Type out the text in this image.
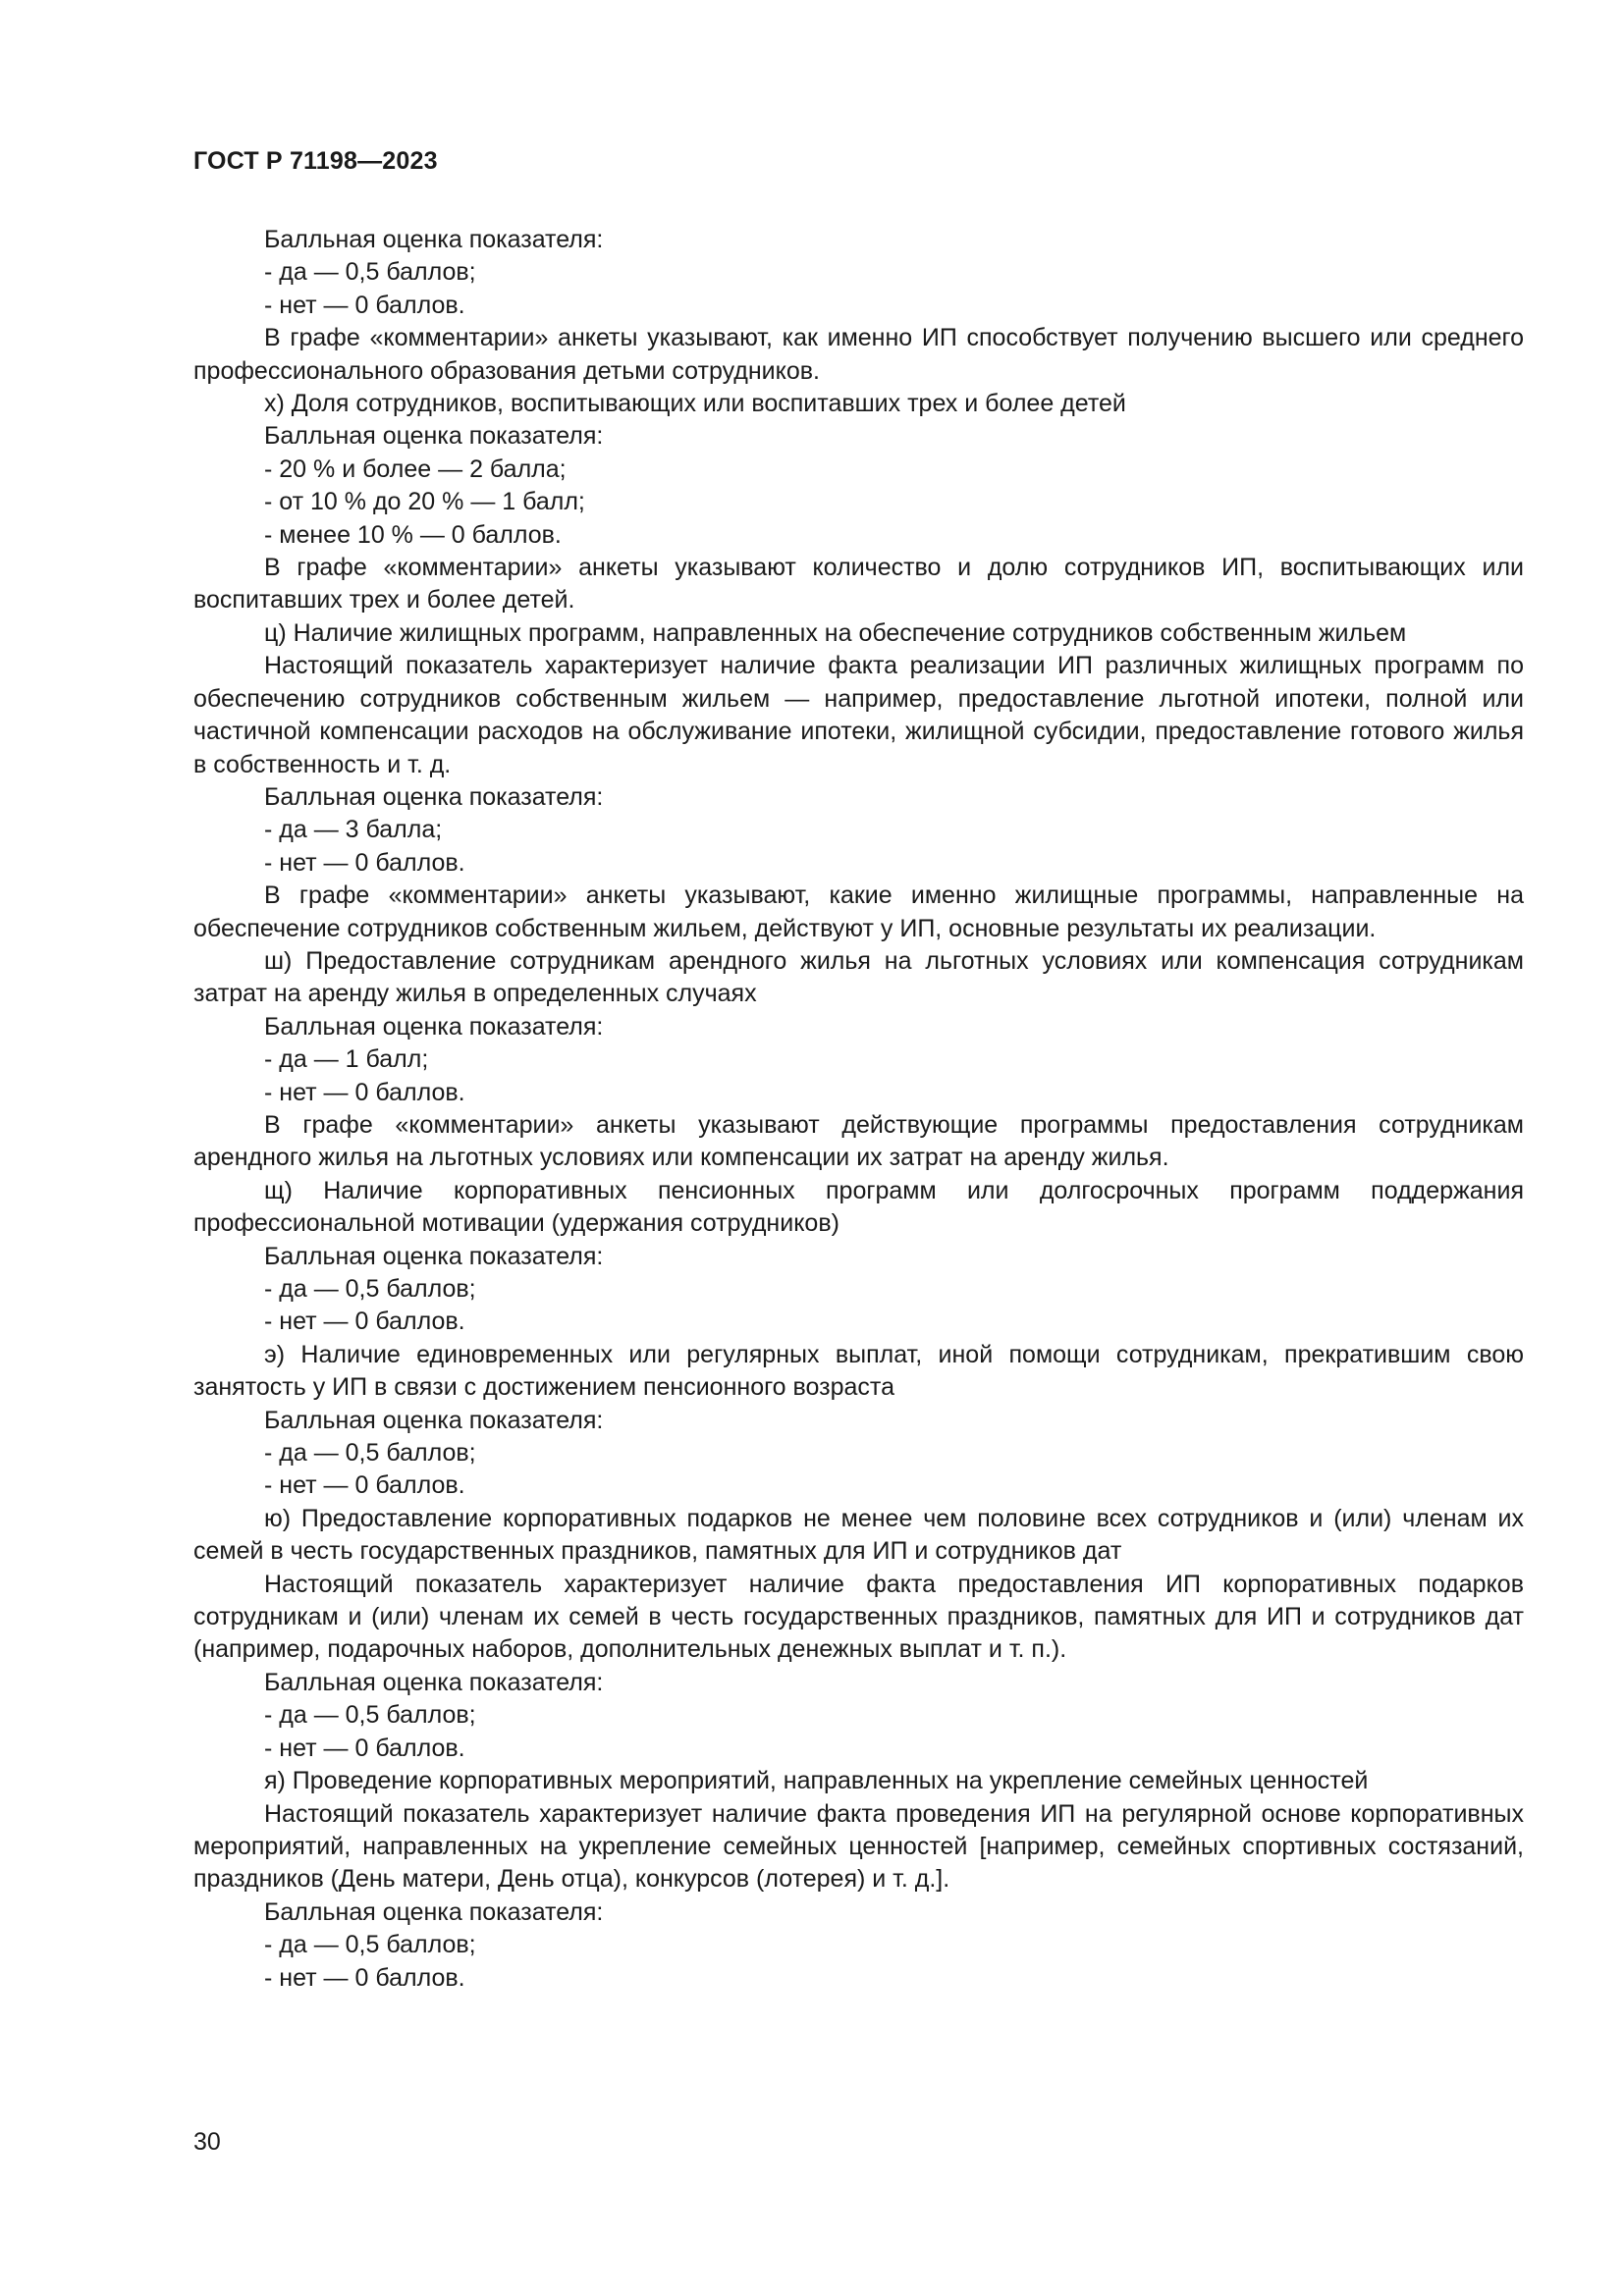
ГОСТ Р 71198—2023

Балльная оценка показателя:

- да — 0,5 баллов;

- нет — 0 баллов.

В графе «комментарии» анкеты указывают, как именно ИП способствует получению высшего или среднего профессионального образования детьми сотрудников.

х) Доля сотрудников, воспитывающих или воспитавших трех и более детей

Балльная оценка показателя:

- 20 % и более — 2 балла;

- от 10 % до 20 % — 1 балл;

- менее 10 % — 0 баллов.

В графе «комментарии» анкеты указывают количество и долю сотрудников ИП, воспитывающих или воспитавших трех и более детей.

ц) Наличие жилищных программ, направленных на обеспечение сотрудников собственным жильем

Настоящий показатель характеризует наличие факта реализации ИП различных жилищных программ по обеспечению сотрудников собственным жильем — например, предоставление льготной ипотеки, полной или частичной компенсации расходов на обслуживание ипотеки, жилищной субсидии, предоставление готового жилья в собственность и т. д.

Балльная оценка показателя:

- да — 3 балла;

- нет — 0 баллов.

В графе «комментарии» анкеты указывают, какие именно жилищные программы, направленные на обеспечение сотрудников собственным жильем, действуют у ИП, основные результаты их реализации.

ш) Предоставление сотрудникам арендного жилья на льготных условиях или компенсация сотрудникам затрат на аренду жилья в определенных случаях

Балльная оценка показателя:

- да — 1 балл;

- нет — 0 баллов.

В графе «комментарии» анкеты указывают действующие программы предоставления сотрудникам арендного жилья на льготных условиях или компенсации их затрат на аренду жилья.

щ) Наличие корпоративных пенсионных программ или долгосрочных программ поддержания профессиональной мотивации (удержания сотрудников)

Балльная оценка показателя:

- да — 0,5 баллов;

- нет — 0 баллов.

э) Наличие единовременных или регулярных выплат, иной помощи сотрудникам, прекратившим свою занятость у ИП в связи с достижением пенсионного возраста

Балльная оценка показателя:

- да — 0,5 баллов;

- нет — 0 баллов.

ю) Предоставление корпоративных подарков не менее чем половине всех сотрудников и (или) членам их семей в честь государственных праздников, памятных для ИП и сотрудников дат

Настоящий показатель характеризует наличие факта предоставления ИП корпоративных подарков сотрудникам и (или) членам их семей в честь государственных праздников, памятных для ИП и сотрудников дат (например, подарочных наборов, дополнительных денежных выплат и т. п.).

Балльная оценка показателя:

- да — 0,5 баллов;

- нет — 0 баллов.

я) Проведение корпоративных мероприятий, направленных на укрепление семейных ценностей

Настоящий показатель характеризует наличие факта проведения ИП на регулярной основе корпоративных мероприятий, направленных на укрепление семейных ценностей [например, семейных спортивных состязаний, праздников (День матери, День отца), конкурсов (лотерея) и т. д.].

Балльная оценка показателя:

- да — 0,5 баллов;

- нет — 0 баллов.

30
